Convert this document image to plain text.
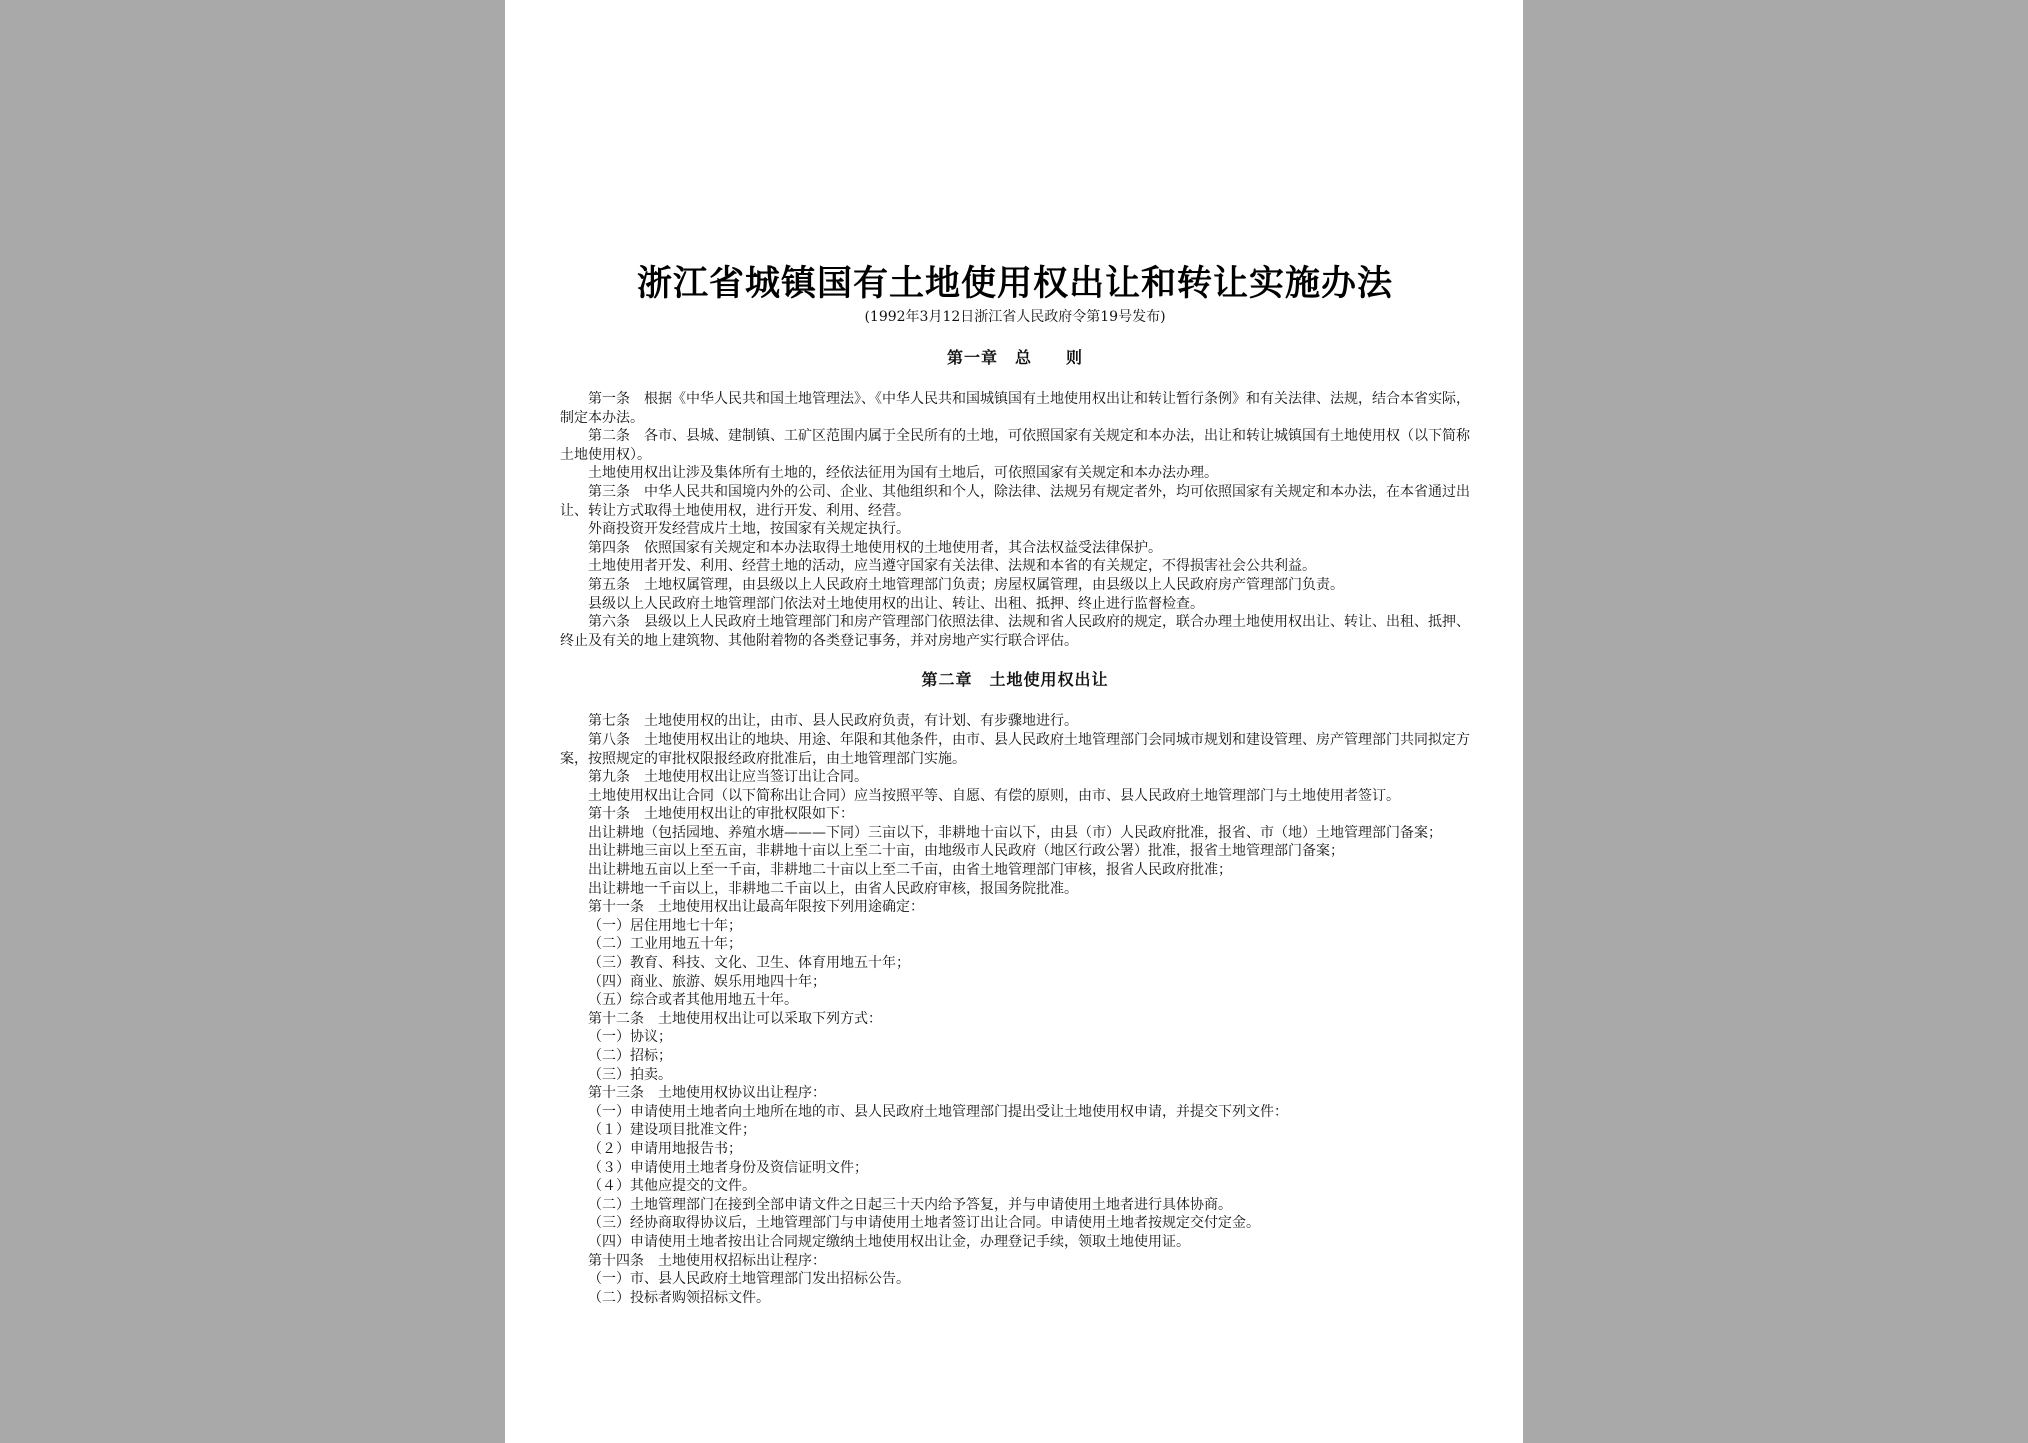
浙江省城镇国有土地使用权出让和转让实施办法
(1992年3月12日浙江省人民政府令第19号发布)
第一章　总　　则

第一条　根据《中华人民共和国土地管理法》、《中华人民共和国城镇国有土地使用权出让和转让暂行条例》和有关法律、法规，结合本省实际，制定本办法。

第二条　各市、县城、建制镇、工矿区范围内属于全民所有的土地，可依照国家有关规定和本办法，出让和转让城镇国有土地使用权（以下简称土地使用权）。

土地使用权出让涉及集体所有土地的，经依法征用为国有土地后，可依照国家有关规定和本办法办理。

第三条　中华人民共和国境内外的公司、企业、其他组织和个人，除法律、法规另有规定者外，均可依照国家有关规定和本办法，在本省通过出让、转让方式取得土地使用权，进行开发、利用、经营。

外商投资开发经营成片土地，按国家有关规定执行。

第四条　依照国家有关规定和本办法取得土地使用权的土地使用者，其合法权益受法律保护。

土地使用者开发、利用、经营土地的活动，应当遵守国家有关法律、法规和本省的有关规定，不得损害社会公共利益。

第五条　土地权属管理，由县级以上人民政府土地管理部门负责；房屋权属管理，由县级以上人民政府房产管理部门负责。

县级以上人民政府土地管理部门依法对土地使用权的出让、转让、出租、抵押、终止进行监督检查。

第六条　县级以上人民政府土地管理部门和房产管理部门依照法律、法规和省人民政府的规定，联合办理土地使用权出让、转让、出租、抵押、终止及有关的地上建筑物、其他附着物的各类登记事务，并对房地产实行联合评估。

第二章　土地使用权出让

第七条　土地使用权的出让，由市、县人民政府负责，有计划、有步骤地进行。

第八条　土地使用权出让的地块、用途、年限和其他条件，由市、县人民政府土地管理部门会同城市规划和建设管理、房产管理部门共同拟定方案，按照规定的审批权限报经政府批准后，由土地管理部门实施。

第九条　土地使用权出让应当签订出让合同。

土地使用权出让合同（以下简称出让合同）应当按照平等、自愿、有偿的原则，由市、县人民政府土地管理部门与土地使用者签订。

第十条　土地使用权出让的审批权限如下：

出让耕地（包括园地、养殖水塘———下同）三亩以下，非耕地十亩以下，由县（市）人民政府批准，报省、市（地）土地管理部门备案；

出让耕地三亩以上至五亩，非耕地十亩以上至二十亩，由地级市人民政府（地区行政公署）批准，报省土地管理部门备案；

出让耕地五亩以上至一千亩，非耕地二十亩以上至二千亩，由省土地管理部门审核，报省人民政府批准；

出让耕地一千亩以上，非耕地二千亩以上，由省人民政府审核，报国务院批准。

第十一条　土地使用权出让最高年限按下列用途确定：

（一）居住用地七十年；

（二）工业用地五十年；

（三）教育、科技、文化、卫生、体育用地五十年；

（四）商业、旅游、娱乐用地四十年；

（五）综合或者其他用地五十年。

第十二条　土地使用权出让可以采取下列方式：

（一）协议；

（二）招标；

（三）拍卖。

第十三条　土地使用权协议出让程序：

（一）申请使用土地者向土地所在地的市、县人民政府土地管理部门提出受让土地使用权申请，并提交下列文件：

（１）建设项目批准文件；

（２）申请用地报告书；

（３）申请使用土地者身份及资信证明文件；

（４）其他应提交的文件。

（二）土地管理部门在接到全部申请文件之日起三十天内给予答复，并与申请使用土地者进行具体协商。

（三）经协商取得协议后，土地管理部门与申请使用土地者签订出让合同。申请使用土地者按规定交付定金。

（四）申请使用土地者按出让合同规定缴纳土地使用权出让金，办理登记手续，领取土地使用证。

第十四条　土地使用权招标出让程序：

（一）市、县人民政府土地管理部门发出招标公告。

（二）投标者购领招标文件。
